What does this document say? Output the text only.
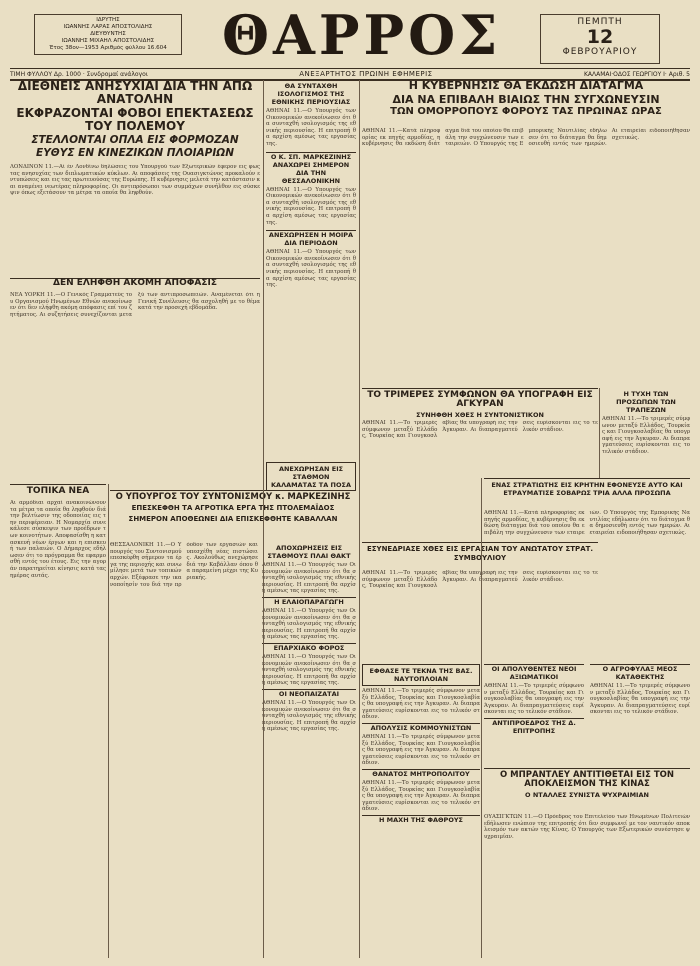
ΙΔΡΥΤΗΣ
ΙΩΑΝΝΗΣ ΛΑΡΑΣ ΑΠΟΣΤΟΛΙΔΗΣ
ΔΙΕΥΘΥΝΤΗΣ
ΙΩΑΝΝΗΣ ΜΙΧΑΗΛ ΑΠΟΣΤΟΛΙΔΗΣ
Έτος 38ον—1953 Αριθμός φύλλου 16.604 ΘΑΡΡΟΣ	ΠΕΜΠΤΗ
12
ΦΕΒΡΟΥΑΡΙΟΥ
ΤΙΜΗ ΦΥΛΛΟΥ Δρ. 1000 · Συνδρομαί ανάλογοι	ΑΝΕΞΑΡΤΗΤΟΣ ΠΡΩΙΝΗ ΕΦΗΜΕΡΙΣ	ΚΑΛΑΜΑΙ·ΟΔΟΣ ΓΕΩΡΓΙΟΥ Ι· Αριθ. 5
ΔΙΕΘΝΕΙΣ ΑΝΗΣΥΧΙΑΙ ΔΙΑ ΤΗΝ ΑΠΩ ΑΝΑΤΟΛΗΝ
ΕΚΦΡΑΖΟΝΤΑΙ ΦΟΒΟΙ ΕΠΕΚΤΑΣΕΩΣ ΤΟΥ ΠΟΛΕΜΟΥ
ΣΤΕΛΛΟΝΤΑΙ ΟΠΛΑ ΕΙΣ ΦΟΡΜΟΖΑΝ
ΕΥΘΥΣ ΕΝ ΚΙΝΕΖΙΚΩΝ ΠΛΟΙΑΡΙΩΝ
ΛΟΝΔΙΝΟΝ 11.—Αί έν Λονδίνω δηλώσεις του Υπουργού των Εξωτερικών έφερον εις φως τας ανησυχίας των διπλωματικών κύκλων. Αι αποφάσεις της Ουασιγκτώνος προκαλούν εντυπώσεις και εις τας πρωτευούσας της Ευρώπης. Η κυβέρνησις μελετά την κατάστασιν και αναμένει νεωτέρας πληροφορίας. Οι αντιπρόσωποι των συμμάχων συνήλθον εις σύσκεψιν όπως εξετάσουν τα μέτρα τα οποία θα ληφθούν.
ΔΕΝ ΕΛΗΦΘΗ ΑΚΟΜΗ ΑΠΟΦΑΣΙΣ
ΝΕΑ ΥΟΡΚΗ 11.—Ο Γενικός Γραμματεύς του Οργανισμού Ηνωμένων Εθνών ανεκοίνωσεν ότι δεν ελήφθη ακόμη απόφασις επί του ζητήματος. Αι συζητήσεις συνεχίζονται μεταξύ των αντιπροσωπειών. Αναμένεται ότι η Γενική Συνέλευσις θα ασχοληθή με το θέμα κατά την προσεχή εβδομάδα.
ΤΟΠΙΚΑ ΝΕΑ
Αι αρμόδιαι αρχαί ανακοινώνουν τα μέτρα τα οποία θα ληφθούν διά την βελτίωσιν της οδοποιίας εις την περιφέρειαν. Η Νομαρχία συνεκάλεσε σύσκεψιν των προέδρων των κοινοτήτων. Αποφασίσθη η κατασκευή νέων έργων και η επισκευή των παλαιών. Ο Δήμαρχος εδήλωσεν ότι το πρόγραμμα θα εφαρμοσθή εντός του έτους. Εις την αγοράν παρατηρείται κίνησις κατά τας ημέρας αυτάς.
ΘΑ ΣΥΝΤΑΧΘΗ ΙΣΟΛΟΓΙΣΜΟΣ ΤΗΣ ΕΘΝΙΚΗΣ ΠΕΡΙΟΥΣΙΑΣ
ΑΘΗΝΑΙ 11.—Ο Υπουργός των Οικονομικών ανεκοίνωσεν ότι θα συνταχθή ισολογισμός της εθνικής περιουσίας. Η επιτροπή θα αρχίση αμέσως τας εργασίας της.
Ο Κ. ΣΠ. ΜΑΡΚΕΖΙΝΗΣ ΑΝΑΧΩΡΕΙ ΣΗΜΕΡΟΝ ΔΙΑ ΤΗΝ ΘΕΣΣΑΛΟΝΙΚΗΝ
ΑΘΗΝΑΙ 11.—Ο Υπουργός των Οικονομικών ανεκοίνωσεν ότι θα συνταχθή ισολογισμός της εθνικής περιουσίας. Η επιτροπή θα αρχίση αμέσως τας εργασίας της.
ΑΝΕΧΩΡΗΣΕΝ Η ΜΟΙΡΑ ΔΙΑ ΠΕΡΙΟΔΟΝ
ΑΘΗΝΑΙ 11.—Ο Υπουργός των Οικονομικών ανεκοίνωσεν ότι θα συνταχθή ισολογισμός της εθνικής περιουσίας. Η επιτροπή θα αρχίση αμέσως τας εργασίας της.
ΑΝΕΧΩΡΗΣΑΝ ΕΙΣ ΣΤΑΘΜΟΝ ΚΑΛΑΜΑΤΑΣ ΤΑ ΠΟΣΑ
Ο ΥΠΟΥΡΓΟΣ ΤΟΥ ΣΥΝΤΟΝΙΣΜΟΥ κ. ΜΑΡΚΕΖΙΝΗΣ
ΕΠΕΣΚΕΦΘΗ ΤΑ ΑΓΡΟΤΙΚΑ ΕΡΓΑ ΤΗΣ ΠΤΟΛΕΜΑΪΔΟΣ
ΣΗΜΕΡΟΝ ΑΠΟΘΕΩΝΕΙ ΔΙΑ ΕΠΙΣΚΕΦΘΗΤΕ ΚΑΒΑΛΛΑΝ
ΘΕΣΣΑΛΟΝΙΚΗ 11.—Ο Υπουργός του Συντονισμού επεσκέφθη σήμερον τα έργα της περιοχής και συνωμίλησε μετά των τοπικών αρχών. Εξέφρασε την ικανοποίησίν του διά την πρόοδον των εργασιών και υπεσχέθη νέας πιστώσεις. Ακολούθως ανεχώρησε διά την Καβάλλαν όπου θα παραμείνη μέχρι της Κυριακής.
ΑΠΟΧΩΡΗΣΕΙΣ ΕΙΣ ΣΤΑΘΜΟΥΣ ΠΛΑΙ ΘΑΚΤ
ΑΘΗΝΑΙ 11.—Ο Υπουργός των Οικονομικών ανεκοίνωσεν ότι θα συνταχθή ισολογισμός της εθνικής περιουσίας. Η επιτροπή θα αρχίση αμέσως τας εργασίας της.
Η ΕΛΑΙΟΠΑΡΑΓΩΓΗ
ΑΘΗΝΑΙ 11.—Ο Υπουργός των Οικονομικών ανεκοίνωσεν ότι θα συνταχθή ισολογισμός της εθνικής περιουσίας. Η επιτροπή θα αρχίση αμέσως τας εργασίας της.
ΕΠΑΡΧΙΑΚΟ ΦΟΡΟΣ
ΑΘΗΝΑΙ 11.—Ο Υπουργός των Οικονομικών ανεκοίνωσεν ότι θα συνταχθή ισολογισμός της εθνικής περιουσίας. Η επιτροπή θα αρχίση αμέσως τας εργασίας της.
ΟΙ ΝΕΟΠΑΙΖΑΤΑΙ
ΑΘΗΝΑΙ 11.—Ο Υπουργός των Οικονομικών ανεκοίνωσεν ότι θα συνταχθή ισολογισμός της εθνικής περιουσίας. Η επιτροπή θα αρχίση αμέσως τας εργασίας της.
Η ΚΥΒΕΡΝΗΣΙΣ ΘΑ ΕΚΔΩΣΗ ΔΙΑΤΑΓΜΑ
ΔΙΑ ΝΑ ΕΠΙΒΑΛΗ ΒΙΑΙΩΣ ΤΗΝ ΣΥΓΧΩΝΕΥΣΙΝ
ΤΩΝ ΟΜΟΡΡΟΠΟΥΣ ΦΟΡΟΥΣ ΤΑΣ ΠΡΩΙΝΑΣ ΩΡΑΣ
ΑΘΗΝΑΙ 11.—Κατά πληροφορίας εκ πηγής αρμοδίας, η κυβέρνησις θα εκδώση διάταγμα διά του οποίου θα επιβάλη την συγχώνευσιν των εταιρειών. Ο Υπουργός της Εμπορικής Ναυτιλίας εδήλωσεν ότι το διάταγμα θα δημοσιευθή εντός των ημερών. Αι εταιρείαι ειδοποιήθησαν σχετικώς.
ΤΟ ΤΡΙΜΕΡΕΣ ΣΥΜΦΩΝΟΝ ΘΑ ΥΠΟΓΡΑΦΗ ΕΙΣ ΑΓΚΥΡΑΝ
ΣΥΝΗΦΘΗ ΧΘΕΣ Η ΣΥΝΤΟΝΙΣΤΙΚΟΝ
ΑΘΗΝΑΙ 11.—Το τριμερές σύμφωνον μεταξύ Ελλάδος, Τουρκίας και Γιουγκοσλαβίας θα υπογραφή εις την Άγκυραν. Αι διαπραγματεύσεις ευρίσκονται εις το τελικόν στάδιον.
ΕΣΥΝΕΔΡΙΑΣΕ ΧΘΕΣ ΕΙΣ ΕΡΓΑΣΙΑΝ ΤΟΥ ΑΝΩΤΑΤΟΥ ΣΤΡΑΤ. ΣΥΜΒΟΥΛΙΟΥ
ΑΘΗΝΑΙ 11.—Το τριμερές σύμφωνον μεταξύ Ελλάδος, Τουρκίας και Γιουγκοσλαβίας θα υπογραφή εις την Άγκυραν. Αι διαπραγματεύσεις ευρίσκονται εις το τελικόν στάδιον.
ΕΦΘΑΣΕ ΤΕ ΤΕΚΝΑ ΤΗΣ ΒΑΣ. ΝΑΥΤΟΠΛΟΙΑΝ
ΑΘΗΝΑΙ 11.—Το τριμερές σύμφωνον μεταξύ Ελλάδος, Τουρκίας και Γιουγκοσλαβίας θα υπογραφή εις την Άγκυραν. Αι διαπραγματεύσεις ευρίσκονται εις το τελικόν στάδιον.
ΑΠΟΛΥΣΙΣ ΚΟΜΜΟΥΝΙΣΤΩΝ
ΑΘΗΝΑΙ 11.—Το τριμερές σύμφωνον μεταξύ Ελλάδος, Τουρκίας και Γιουγκοσλαβίας θα υπογραφή εις την Άγκυραν. Αι διαπραγματεύσεις ευρίσκονται εις το τελικόν στάδιον.
ΘΑΝΑΤΟΣ ΜΗΤΡΟΠΟΛΙΤΟΥ
ΑΘΗΝΑΙ 11.—Το τριμερές σύμφωνον μεταξύ Ελλάδος, Τουρκίας και Γιουγκοσλαβίας θα υπογραφή εις την Άγκυραν. Αι διαπραγματεύσεις ευρίσκονται εις το τελικόν στάδιον.
Η ΜΑΧΗ ΤΗΣ ΦΑΘΡΟΥΣ
Η ΤΥΧΗ ΤΩΝ ΠΡΟΣΩΠΩΝ ΤΩΝ ΤΡΑΠΕΖΩΝ
ΑΘΗΝΑΙ 11.—Το τριμερές σύμφωνον μεταξύ Ελλάδος, Τουρκίας και Γιουγκοσλαβίας θα υπογραφή εις την Άγκυραν. Αι διαπραγματεύσεις ευρίσκονται εις το τελικόν στάδιον.
ΕΝΑΣ ΣΤΡΑΤΙΩΤΗΣ ΕΙΣ ΚΡΗΤΗΝ ΕΦΟΝΕΥΣΕ ΑΥΤΟ ΚΑΙ ΕΤΡΑΥΜΑΤΙΣΕ ΣΟΒΑΡΩΣ ΤΡΙΑ ΑΛΛΑ ΠΡΟΣΩΠΑ
ΑΘΗΝΑΙ 11.—Κατά πληροφορίας εκ πηγής αρμοδίας, η κυβέρνησις θα εκδώση διάταγμα διά του οποίου θα επιβάλη την συγχώνευσιν των εταιρειών. Ο Υπουργός της Εμπορικής Ναυτιλίας εδήλωσεν ότι το διάταγμα θα δημοσιευθή εντός των ημερών. Αι εταιρείαι ειδοποιήθησαν σχετικώς.
ΟΙ ΑΠΟΛΥΘΕΝΤΕΣ ΝΕΟΙ ΑΞΙΩΜΑΤΙΚΟΙ
ΑΘΗΝΑΙ 11.—Το τριμερές σύμφωνον μεταξύ Ελλάδος, Τουρκίας και Γιουγκοσλαβίας θα υπογραφή εις την Άγκυραν. Αι διαπραγματεύσεις ευρίσκονται εις το τελικόν στάδιον.
ΑΝΤΙΠΡΟΕΔΡΟΣ ΤΗΣ Δ. ΕΠΙΤΡΟΠΗΣ
Ο ΑΓΡΟΦΥΛΑΞ ΜΕΟΣ ΚΑΤΑΘΕΚΤΗΣ
ΑΘΗΝΑΙ 11.—Το τριμερές σύμφωνον μεταξύ Ελλάδος, Τουρκίας και Γιουγκοσλαβίας θα υπογραφή εις την Άγκυραν. Αι διαπραγματεύσεις ευρίσκονται εις το τελικόν στάδιον.
Ο ΜΠΡΑΝΤΛΕΥ ΑΝΤΙΤΙΘΕΤΑΙ ΕΙΣ ΤΟΝ ΑΠΟΚΛΕΙΣΜΟΝ ΤΗΣ ΚΙΝΑΣ
Ο ΝΤΑΛΛΕΣ ΣΥΝΙΣΤΑ ΨΥΧΡΑΙΜΙΑΝ
ΟΥΑΣΙΓΚΤΩΝ 11.—Ο Πρόεδρος του Επιτελείου των Ηνωμένων Πολιτειών εδήλωσεν ενώπιον της επιτροπής ότι δεν συμφωνεί με τον ναυτικόν αποκλεισμόν των ακτών της Κίνας. Ο Υπουργός των Εξωτερικών συνέστησε ψυχραιμίαν.
